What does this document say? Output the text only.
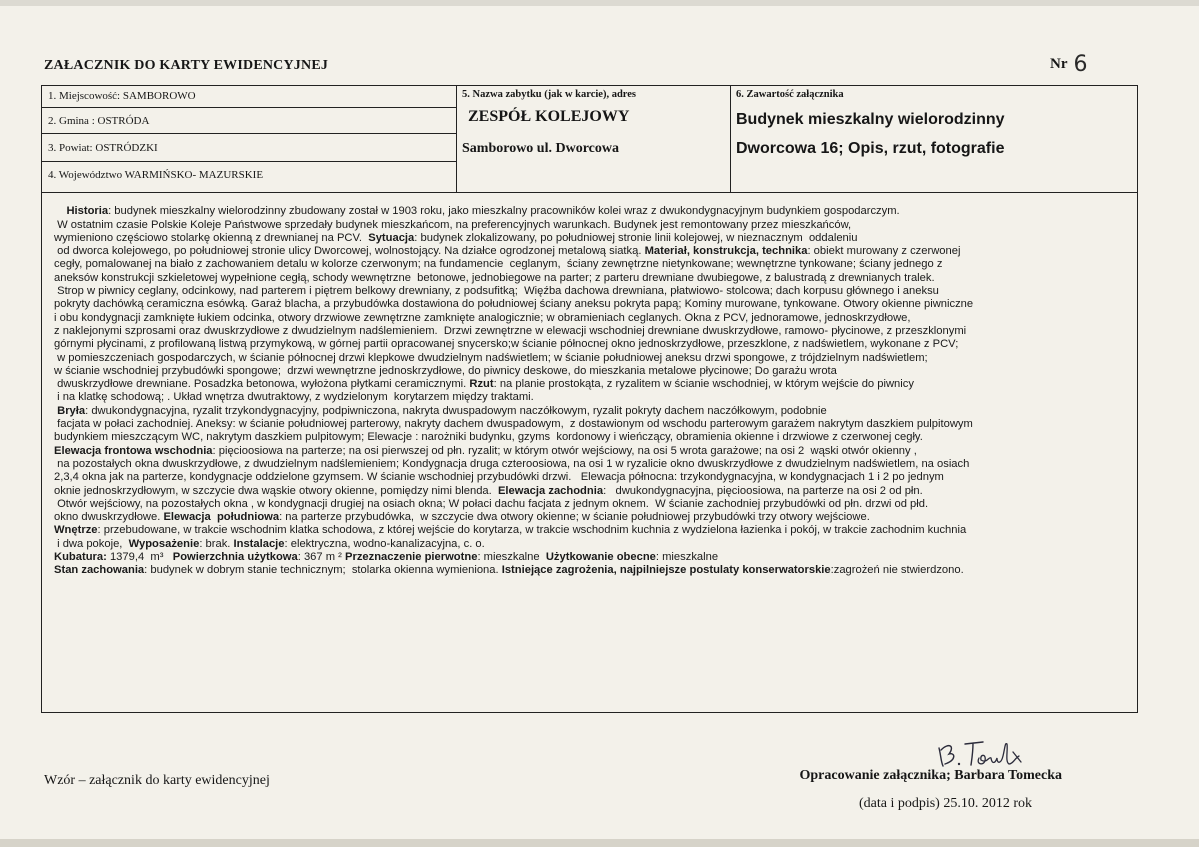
ZAŁACZNIK DO KARTY EWIDENCYJNEJ	Nr 6
1. Miejscowość: SAMBOROWO
2. Gmina : OSTRÓDA
3. Powiat: OSTRÓDZKI
4. Województwo WARMIŃSKO- MAZURSKIE
5. Nazwa zabytku (jak w karcie), adres
ZESPÓŁ KOLEJOWY
Samborowo ul. Dworcowa
6. Zawartość załącznika
Budynek mieszkalny wielorodzinny
Dworcowa 16; Opis, rzut, fotografie

Historia: budynek mieszkalny wielorodzinny zbudowany został w 1903 roku, jako mieszkalny pracowników kolei wraz z dwukondygnacyjnym budynkiem gospodarczym.
W ostatnim czasie Polskie Koleje Państwowe sprzedały budynek mieszkańcom, na preferencyjnych warunkach. Budynek jest remontowany przez mieszkańców,
wymieniono częściowo stolarkę okienną z drewnianej na PCV.  Sytuacja: budynek zlokalizowany, po południowej stronie linii kolejowej, w nieznacznym  oddaleniu
od dworca kolejowego, po południowej stronie ulicy Dworcowej, wolnostojący. Na działce ogrodzonej metalową siatką. Materiał, konstrukcja, technika: obiekt murowany z czerwonej
cegły, pomalowanej na biało z zachowaniem detalu w kolorze czerwonym; na fundamencie  ceglanym,  ściany zewnętrzne nietynkowane; wewnętrzne tynkowane; ściany jednego z
aneksów konstrukcji szkieletowej wypełnione cegłą, schody wewnętrzne  betonowe, jednobiegowe na parter; z parteru drewniane dwubiegowe, z balustradą z drewnianych tralek.
Strop w piwnicy ceglany, odcinkowy, nad parterem i piętrem belkowy drewniany, z podsufitką;  Więźba dachowa drewniana, płatwiowo- stolcowa; dach korpusu głównego i aneksu
pokryty dachówką ceramiczna esówką. Garaż blacha, a przybudówka dostawiona do południowej ściany aneksu pokryta papą; Kominy murowane, tynkowane. Otwory okienne piwniczne
i obu kondygnacji zamknięte łukiem odcinka, otwory drzwiowe zewnętrzne zamknięte analogicznie; w obramieniach ceglanych. Okna z PCV, jednoramowe, jednoskrzydłowe,
z naklejonymi szprosami oraz dwuskrzydłowe z dwudzielnym nadślemieniem.  Drzwi zewnętrzne w elewacji wschodniej drewniane dwuskrzydłowe, ramowo- płycinowe, z przeszklonymi
górnymi płycinami, z profilowaną listwą przymykową, w górnej partii opracowanej snycersko;w ścianie północnej okno jednoskrzydłowe, przeszklone, z nadświetlem, wykonane z PCV;
w pomieszczeniach gospodarczych, w ścianie północnej drzwi klepkowe dwudzielnym nadświetlem; w ścianie południowej aneksu drzwi spongowe, z trójdzielnym nadświetlem;
w ścianie wschodniej przybudówki spongowe;  drzwi wewnętrzne jednoskrzydłowe, do piwnicy deskowe, do mieszkania metalowe płycinowe; Do garażu wrota
dwuskrzydłowe drewniane. Posadzka betonowa, wyłożona płytkami ceramicznymi. Rzut: na planie prostokąta, z ryzalitem w ścianie wschodniej, w którym wejście do piwnicy
i na klatkę schodową; . Układ wnętrza dwutraktowy, z wydzielonym  korytarzem między traktami.
Bryła: dwukondygnacyjna, ryzalit trzykondygnacyjny, podpiwniczona, nakryta dwuspadowym naczółkowym, ryzalit pokryty dachem naczółkowym, podobnie
facjata w połaci zachodniej. Aneksy: w ścianie południowej parterowy, nakryty dachem dwuspadowym,  z dostawionym od wschodu parterowym garażem nakrytym daszkiem pulpitowym
budynkiem mieszczącym WC, nakrytym daszkiem pulpitowym; Elewacje : narożniki budynku, gzyms  kordonowy i wieńczący, obramienia okienne i drzwiowe z czerwonej cegły.
Elewacja frontowa wschodnia: pięcioosiowa na parterze; na osi pierwszej od płn. ryzalit; w którym otwór wejściowy, na osi 5 wrota garażowe; na osi 2  wąski otwór okienny ,
na pozostałych okna dwuskrzydłowe, z dwudzielnym nadślemieniem; Kondygnacja druga czteroosiowa, na osi 1 w ryzalicie okno dwuskrzydłowe z dwudzielnym nadświetlem, na osiach
2,3,4 okna jak na parterze, kondygnacje oddzielone gzymsem. W ścianie wschodniej przybudówki drzwi.   Elewacja północna: trzykondygnacyjna, w kondygnacjach 1 i 2 po jednym
oknie jednoskrzydłowym, w szczycie dwa wąskie otwory okienne, pomiędzy nimi blenda.  Elewacja zachodnia:   dwukondygnacyjna, pięcioosiowa, na parterze na osi 2 od płn.
Otwór wejściowy, na pozostałych okna , w kondygnacji drugiej na osiach okna; W połaci dachu facjata z jednym oknem.  W ścianie zachodniej przybudówki od płn. drzwi od płd.
okno dwuskrzydłowe. Elewacja  południowa: na parterze przybudówka,  w szczycie dwa otwory okienne; w ścianie południowej przybudówki trzy otwory wejściowe.
Wnętrze: przebudowane, w trakcie wschodnim klatka schodowa, z której wejście do korytarza, w trakcie wschodnim kuchnia z wydzielona łazienka i pokój, w trakcie zachodnim kuchnia
i dwa pokoje,  Wyposażenie: brak. Instalacje: elektryczna, wodno-kanalizacyjna, c. o.
Kubatura: 1379,4  m³   Powierzchnia użytkowa: 367 m ² Przeznaczenie pierwotne: mieszkalne  Użytkowanie obecne: mieszkalne
Stan zachowania: budynek w dobrym stanie technicznym;  stolarka okienna wymieniona. Istniejące zagrożenia, najpilniejsze postulaty konserwatorskie:zagrożeń nie stwierdzono.

Opracowanie załącznika; Barbara Tomecka
(data i podpis) 25.10. 2012 rok
Wzór – załącznik do karty ewidencyjnej
